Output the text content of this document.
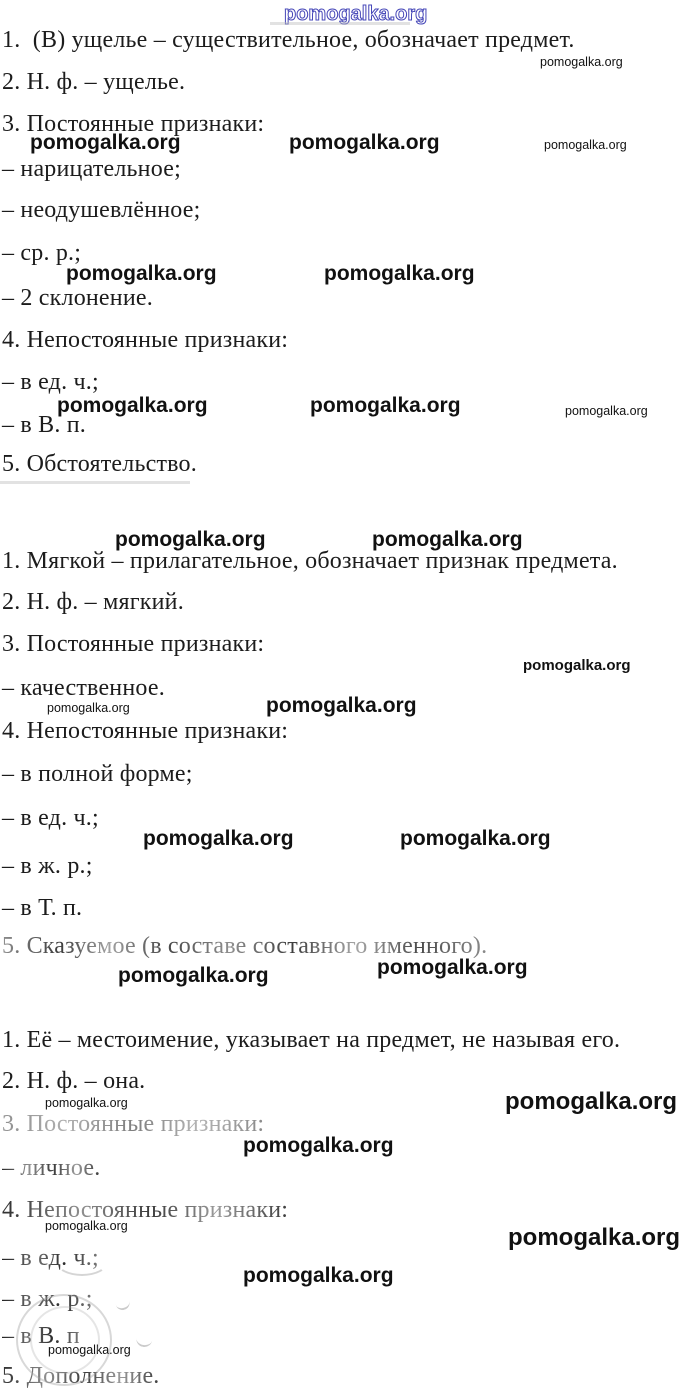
pomogalka.org
1.  (В) ущелье – существительное, обозначает предмет.
2. Н. ф. – ущелье.
3. Постоянные признаки:
– нарицательное;
– неодушевлённое;
– ср. р.;
– 2 склонение.
4. Непостоянные признаки:
– в ед. ч.;
– в В. п.
5. Обстоятельство.
1. Мягкой – прилагательное, обозначает признак предмета.
2. Н. ф. – мягкий.
3. Постоянные признаки:
– качественное.
4. Непостоянные признаки:
– в полной форме;
– в ед. ч.;
– в ж. р.;
– в Т. п.
5. Сказуемое (в составе составного именного).
1. Её – местоимение, указывает на предмет, не называя его.
2. Н. ф. – она.
3. Постоянные признаки:
– личное.
4. Непостоянные признаки:
– в ед. ч.;
– в ж. р.;
– в В. п
5. Дополнение.
pomogalka.org
pomogalka.org	pomogalka.org	pomogalka.org
pomogalka.org	pomogalka.org
pomogalka.org	pomogalka.org	pomogalka.org
pomogalka.org	pomogalka.org
pomogalka.org
pomogalka.org	pomogalka.org
pomogalka.org	pomogalka.org
pomogalka.org	pomogalka.org
pomogalka.org	pomogalka.org
pomogalka.org
pomogalka.org	pomogalka.org
pomogalka.org
pomogalka.org
